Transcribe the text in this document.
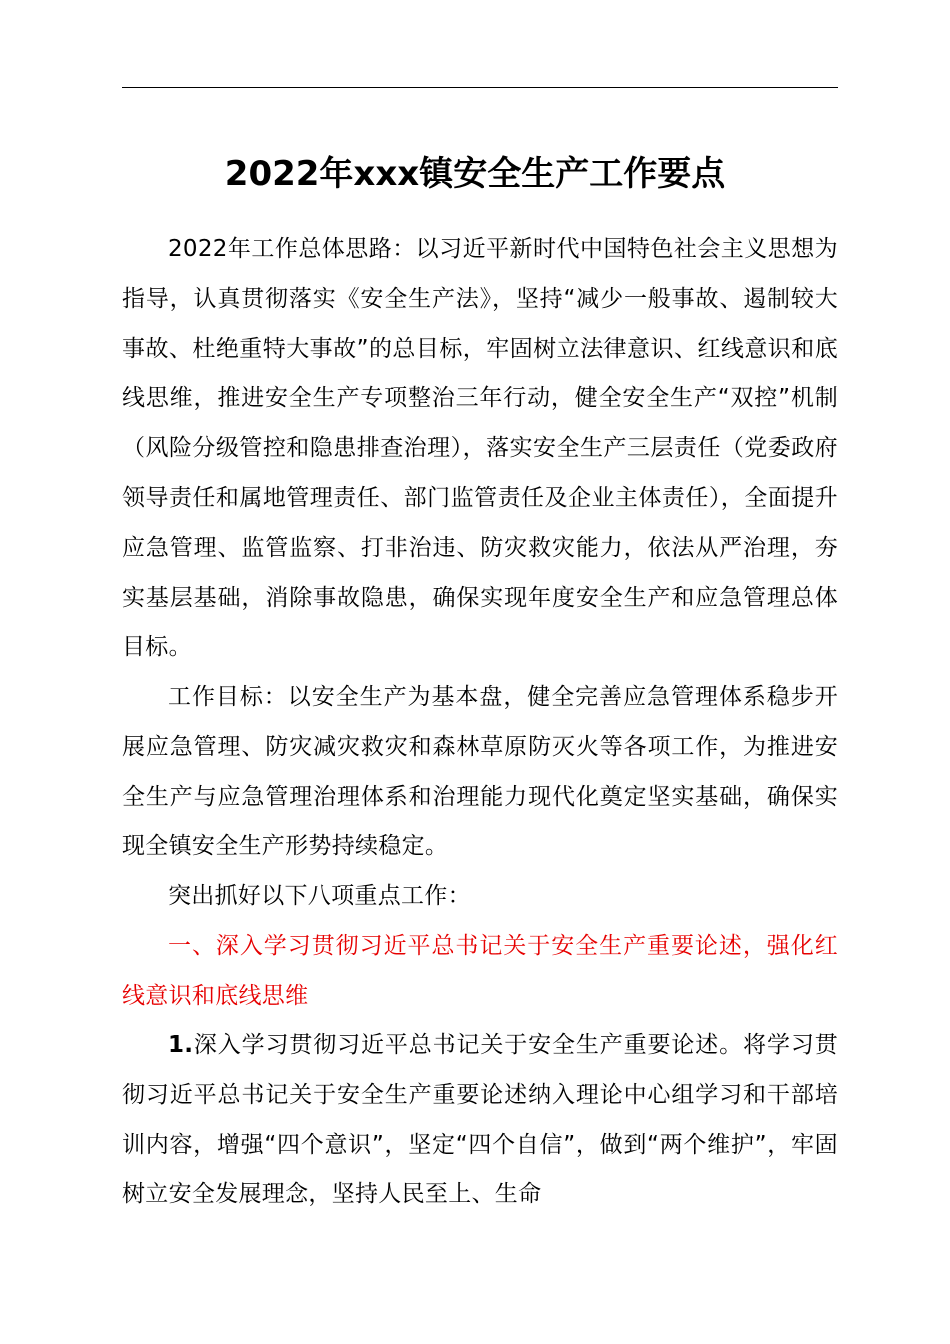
2022年xxx镇安全生产工作要点

2022年工作总体思路：以习近平新时代中国特色社会主义思想为指导，认真贯彻落实《安全生产法》，坚持“减少一般事故、遏制较大事故、杜绝重特大事故”的总目标，牢固树立法律意识、红线意识和底线思维，推进安全生产专项整治三年行动，健全安全生产“双控”机制（风险分级管控和隐患排查治理），落实安全生产三层责任（党委政府领导责任和属地管理责任、部门监管责任及企业主体责任），全面提升应急管理、监管监察、打非治违、防灾救灾能力，依法从严治理，夯实基层基础，消除事故隐患，确保实现年度安全生产和应急管理总体目标。

工作目标：以安全生产为基本盘，健全完善应急管理体系稳步开展应急管理、防灾减灾救灾和森林草原防灭火等各项工作，为推进安全生产与应急管理治理体系和治理能力现代化奠定坚实基础，确保实现全镇安全生产形势持续稳定。

突出抓好以下八项重点工作：

一、深入学习贯彻习近平总书记关于安全生产重要论述，强化红线意识和底线思维

1.深入学习贯彻习近平总书记关于安全生产重要论述。将学习贯彻习近平总书记关于安全生产重要论述纳入理论中心组学习和干部培训内容，增强“四个意识”，坚定“四个自信”，做到“两个维护”，牢固树立安全发展理念，坚持人民至上、生命
